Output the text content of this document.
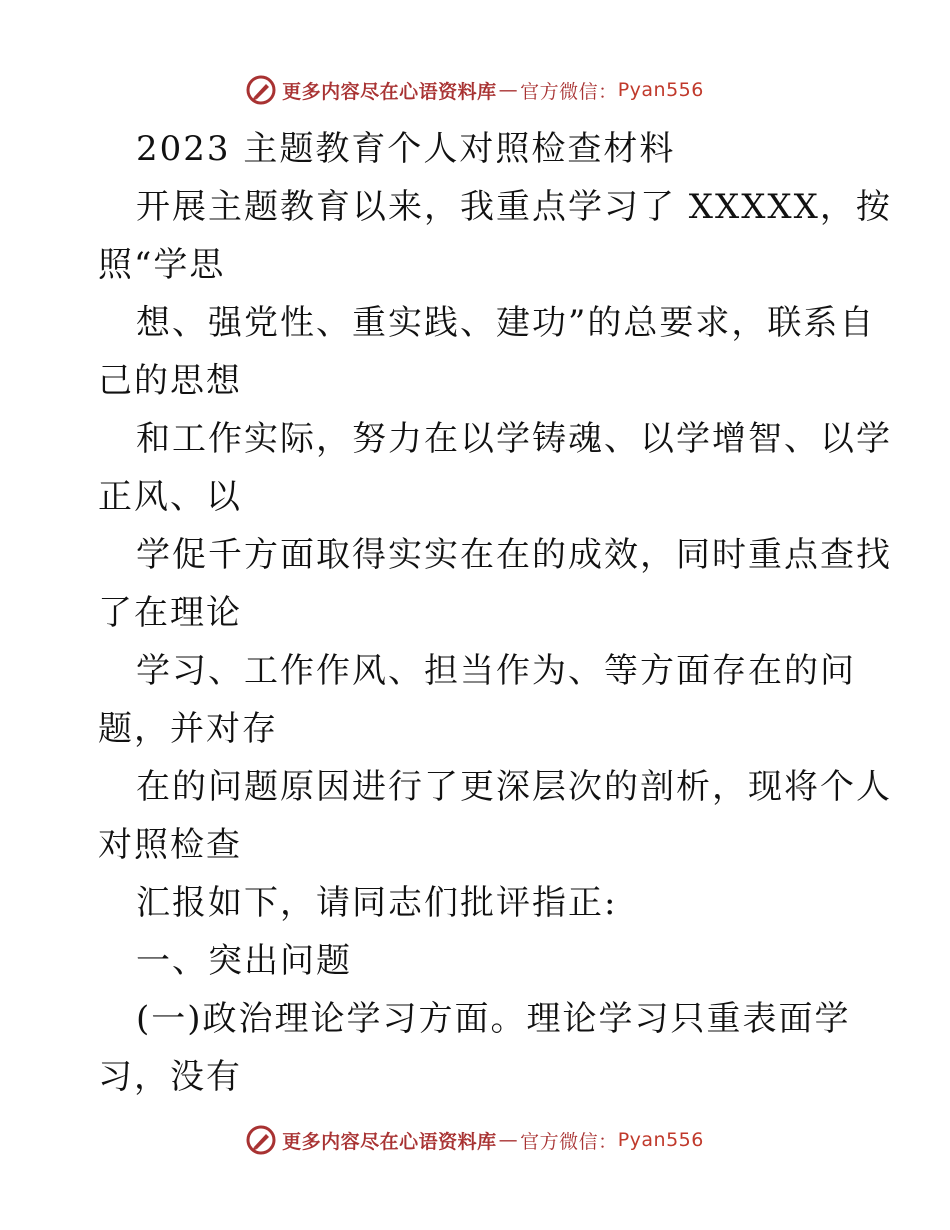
更多内容尽在心语资料库 — 官方微信： Pyan556
2023 主题教育个人对照检查材料
开展主题教育以来，我重点学习了 XXXXX，按
照“学思
想、强党性、重实践、建功”的总要求，联系自
己的思想
和工作实际，努力在以学铸魂、以学增智、以学
正风、以
学促千方面取得实实在在的成效，同时重点查找
了在理论
学习、工作作风、担当作为、等方面存在的问
题，并对存
在的问题原因进行了更深层次的剖析，现将个人
对照检查
汇报如下，请同志们批评指正:
一、突出问题
(一)政治理论学习方面。理论学习只重表面学
习，没有
更多内容尽在心语资料库 — 官方微信： Pyan556
